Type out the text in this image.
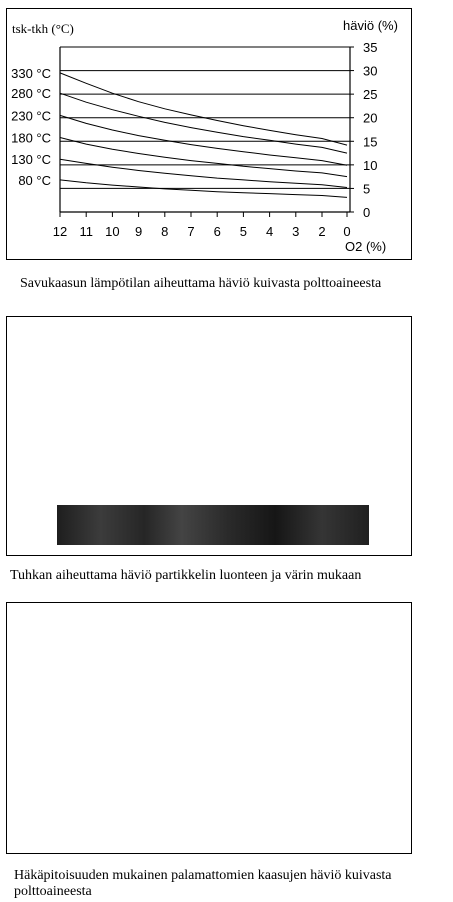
0
5
10
15
20
25
30
35
330 °C
280 °C
230 °C
180 °C
130 °C
80 °C
12 11 10 9 8 7 6 5 4 3 2 0
tsk-tkh (°C)	häviö (%)
O2 (%)
Savukaasun lämpötilan aiheuttama häviö kuivasta polttoaineesta
Tuhkan aiheuttama häviö partikkelin luonteen ja värin mukaan
Häkäpitoisuuden mukainen palamattomien kaasujen häviö kuivasta polttoaineesta
